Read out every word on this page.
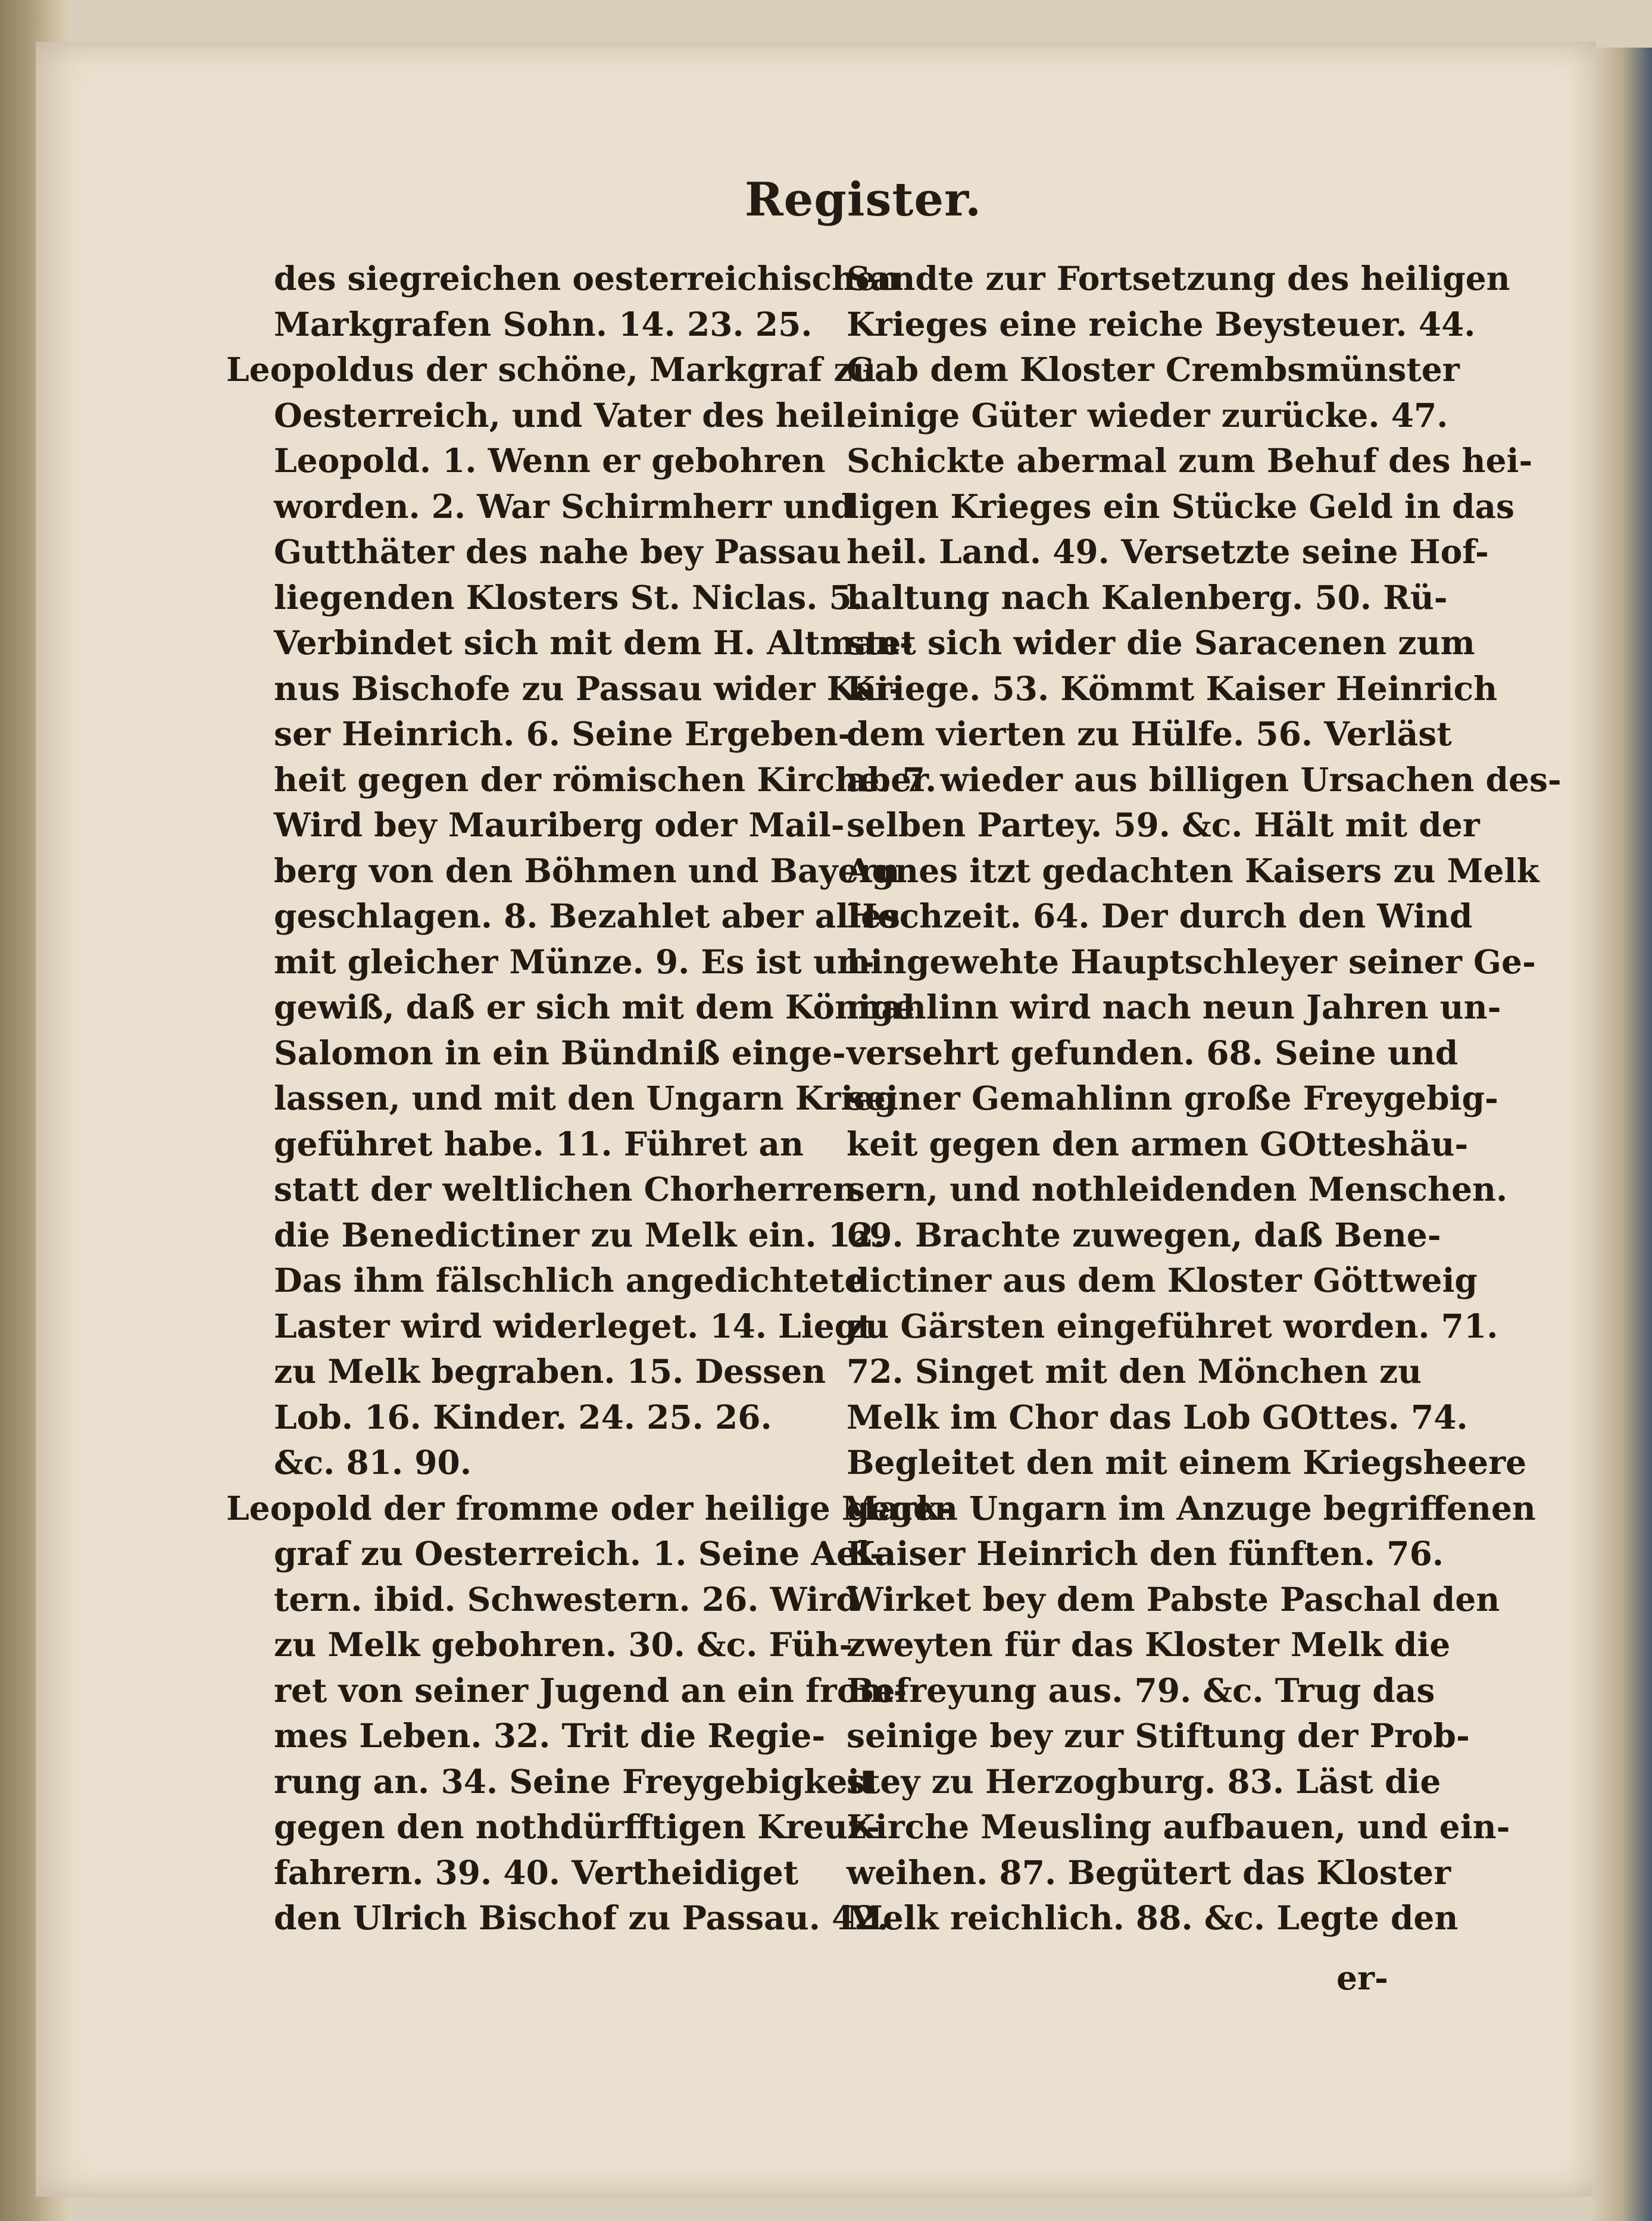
Register.
des siegreichen oesterreichischen
Markgrafen Sohn. 14. 23. 25.
Leopoldus der schöne, Markgraf zu
Oesterreich, und Vater des heil.
Leopold. 1. Wenn er gebohren
worden. 2. War Schirmherr und
Gutthäter des nahe bey Passau
liegenden Klosters St. Niclas. 5.
Verbindet sich mit dem H. Altman-
nus Bischofe zu Passau wider Kai-
ser Heinrich. 6. Seine Ergeben-
heit gegen der römischen Kirche. 7.
Wird bey Mauriberg oder Mail-
berg von den Böhmen und Bayern
geschlagen. 8. Bezahlet aber alles
mit gleicher Münze. 9. Es ist un-
gewiß, daß er sich mit dem Könige
Salomon in ein Bündniß einge-
lassen, und mit den Ungarn Krieg
geführet habe. 11. Führet an
statt der weltlichen Chorherren
die Benedictiner zu Melk ein. 12.
Das ihm fälschlich angedichtete
Laster wird widerleget. 14. Liegt
zu Melk begraben. 15. Dessen
Lob. 16. Kinder. 24. 25. 26.
&c. 81. 90.
Leopold der fromme oder heilige Mark-
graf zu Oesterreich. 1. Seine Ael-
tern. ibid. Schwestern. 26. Wird
zu Melk gebohren. 30. &c. Füh-
ret von seiner Jugend an ein from-
mes Leben. 32. Trit die Regie-
rung an. 34. Seine Freygebigkeit
gegen den nothdürfftigen Kreuz-
fahrern. 39. 40. Vertheidiget
den Ulrich Bischof zu Passau. 42.
Sandte zur Fortsetzung des heiligen
Krieges eine reiche Beysteuer. 44.
Gab dem Kloster Crembsmünster
einige Güter wieder zurücke. 47.
Schickte abermal zum Behuf des hei-
ligen Krieges ein Stücke Geld in das
heil. Land. 49. Versetzte seine Hof-
haltung nach Kalenberg. 50. Rü-
stet sich wider die Saracenen zum
Kriege. 53. Kömmt Kaiser Heinrich
dem vierten zu Hülfe. 56. Verläst
aber wieder aus billigen Ursachen des-
selben Partey. 59. &c. Hält mit der
Agnes itzt gedachten Kaisers zu Melk
Hochzeit. 64. Der durch den Wind
hingewehte Hauptschleyer seiner Ge-
mahlinn wird nach neun Jahren un-
versehrt gefunden. 68. Seine und
seiner Gemahlinn große Freygebig-
keit gegen den armen GOtteshäu-
sern, und nothleidenden Menschen.
69. Brachte zuwegen, daß Bene-
dictiner aus dem Kloster Göttweig
zu Gärsten eingeführet worden. 71.
72. Singet mit den Mönchen zu
Melk im Chor das Lob GOttes. 74.
Begleitet den mit einem Kriegsheere
gegen Ungarn im Anzuge begriffenen
Kaiser Heinrich den fünften. 76.
Wirket bey dem Pabste Paschal den
zweyten für das Kloster Melk die
Befreyung aus. 79. &c. Trug das
seinige bey zur Stiftung der Prob-
stey zu Herzogburg. 83. Läst die
Kirche Meusling aufbauen, und ein-
weihen. 87. Begütert das Kloster
Melk reichlich. 88. &c. Legte den
er-
